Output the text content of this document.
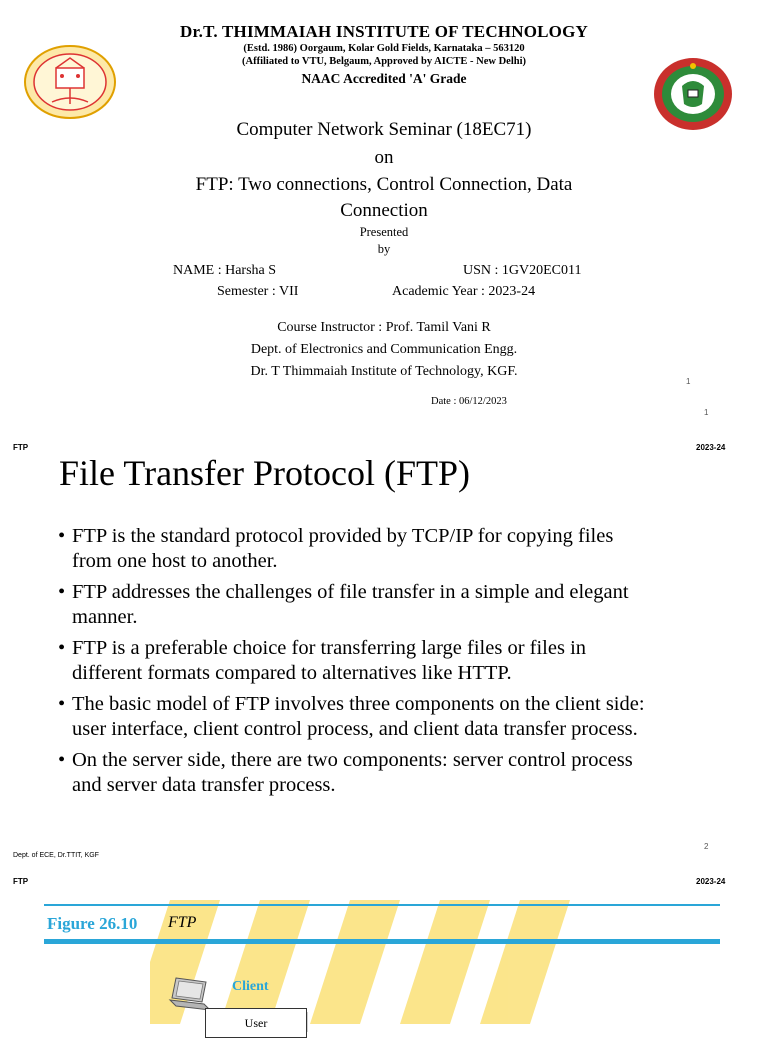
Dr.T. THIMMAIAH INSTITUTE OF TECHNOLOGY
(Estd. 1986) Oorgaum, Kolar Gold Fields, Karnataka – 563120
(Affiliated to VTU, Belgaum, Approved by AICTE - New Delhi)
NAAC Accredited 'A' Grade
Computer Network Seminar (18EC71)
on
FTP: Two connections, Control Connection, Data
Connection
Presented
by
NAME : Harsha S	USN : 1GV20EC011
Semester : VII	Academic Year : 2023-24
Course Instructor : Prof. Tamil Vani R
Dept. of Electronics and Communication Engg.
Dr. T Thimmaiah Institute of Technology, KGF.
Date : 06/12/2023
1
1
FTP	2023-24
File Transfer Protocol (FTP)
• FTP is the standard protocol provided by TCP/IP for copying files
from one host to another.
• FTP addresses the challenges of file transfer in a simple and elegant
manner.
• FTP is a preferable choice for transferring large files or files in
different formats compared to alternatives like HTTP.
• The basic model of FTP involves three components on the client side:
user interface, client control process, and client data transfer process.
• On the server side, there are two components: server control process
and server data transfer process.
Dept. of ECE, Dr.TTIT, KGF
2
FTP	2023-24
Figure 26.10 FTP
Client
User
